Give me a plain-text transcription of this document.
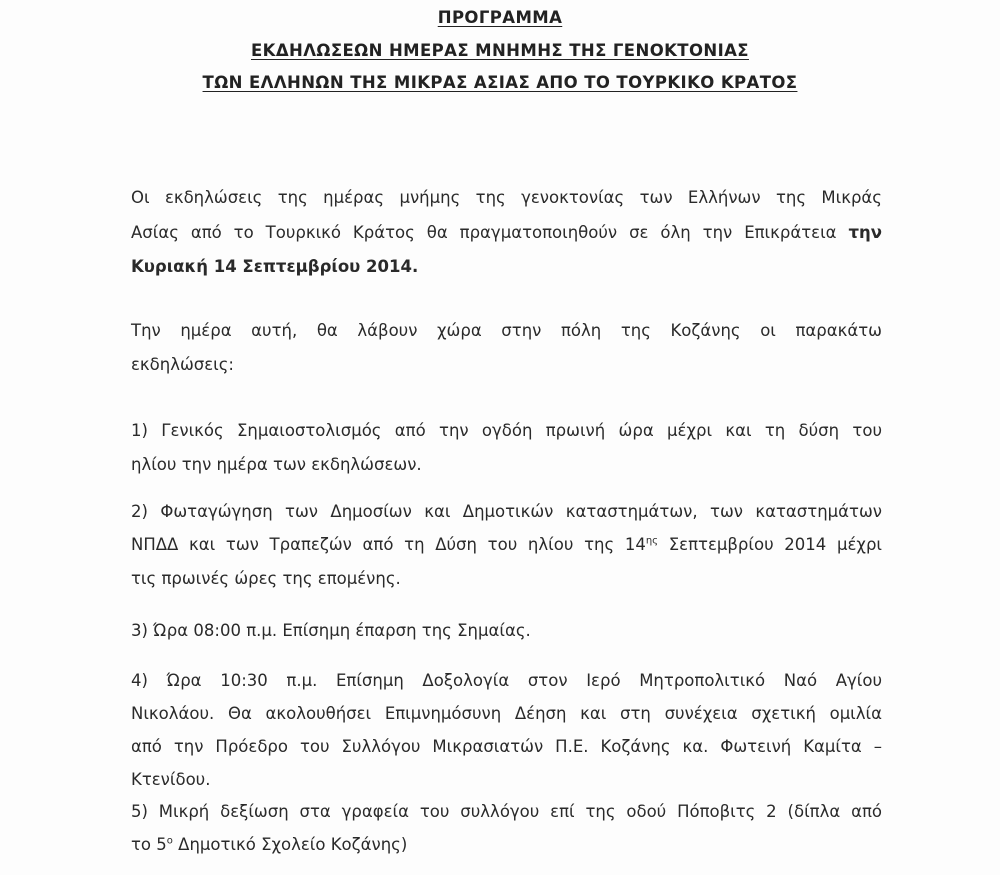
ΠΡΟΓΡΑΜΜΑ
ΕΚΔΗΛΩΣΕΩΝ ΗΜΕΡΑΣ ΜΝΗΜΗΣ ΤΗΣ ΓΕΝΟΚΤΟΝΙΑΣ
ΤΩΝ ΕΛΛΗΝΩΝ ΤΗΣ ΜΙΚΡΑΣ ΑΣΙΑΣ ΑΠΟ ΤΟ ΤΟΥΡΚΙΚΟ ΚΡΑΤΟΣ
Οι εκδηλώσεις της ημέρας μνήμης της γενοκτονίας των Ελλήνων της Μικράς
Ασίας από το Τουρκικό Κράτος θα πραγματοποιηθούν σε όλη την Επικράτεια την
Κυριακή 14 Σεπτεμβρίου 2014.
Την ημέρα αυτή, θα λάβουν χώρα στην πόλη της Κοζάνης οι παρακάτω
εκδηλώσεις:
1) Γενικός Σημαιοστολισμός από την ογδόη πρωινή ώρα μέχρι και τη δύση του
ηλίου την ημέρα των εκδηλώσεων.
2) Φωταγώγηση των Δημοσίων και Δημοτικών καταστημάτων, των καταστημάτων
ΝΠΔΔ και των Τραπεζών από τη Δύση του ηλίου της $14^{\eta\varsigma}$ Σεπτεμβρίου 2014 μέχρι
τις πρωινές ώρες της επομένης.
3) Ώρα 08:00 π.μ. Επίσημη έπαρση της Σημαίας.
4) Ώρα 10:30 π.μ. Επίσημη Δοξολογία στον Ιερό Μητροπολιτικό Ναό Αγίου
Νικολάου. Θα ακολουθήσει Επιμνημόσυνη Δέηση και στη συνέχεια σχετική ομιλία
από την Πρόεδρο του Συλλόγου Μικρασιατών Π.Ε. Κοζάνης κα. Φωτεινή Καμίτα –
Κτενίδου.
5) Μικρή δεξίωση στα γραφεία του συλλόγου επί της οδού Πόποβιτς 2 (δίπλα από
το $5^o$ Δημοτικό Σχολείο Κοζάνης)
